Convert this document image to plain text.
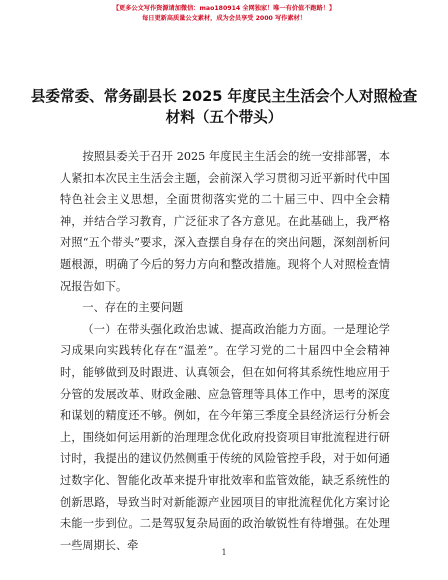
【更多公文写作资源请加微信：mao180914 全网独家！唯一有价值不跑路！】
每日更新高质量公文素材，成为会员享受 2000 写作素材！
县委常委、常务副县长 2025 年度民主生活会个人对照检查材料（五个带头）

按照县委关于召开 2025 年度民主生活会的统一安排部署，本人紧扣本次民主生活会主题，会前深入学习贯彻习近平新时代中国特色社会主义思想，全面贯彻落实党的二十届三中、四中全会精神，并结合学习教育，广泛征求了各方意见。在此基础上，我严格对照“五个带头”要求，深入查摆自身存在的突出问题，深刻剖析问题根源，明确了今后的努力方向和整改措施。现将个人对照检查情况报告如下。

一、存在的主要问题

（一）在带头强化政治忠诚、提高政治能力方面。一是理论学习成果向实践转化存在“温差”。在学习党的二十届四中全会精神时，能够做到及时跟进、认真领会，但在如何将其系统性地应用于分管的发展改革、财政金融、应急管理等具体工作中，思考的深度和谋划的精度还不够。例如，在今年第三季度全县经济运行分析会上，围绕如何运用新的治理理念优化政府投资项目审批流程进行研讨时，我提出的建议仍然侧重于传统的风险管控手段，对于如何通过数字化、智能化改革来提升审批效率和监管效能，缺乏系统性的创新思路，导致当时对新能源产业园项目的审批流程优化方案讨论未能一步到位。二是驾驭复杂局面的政治敏锐性有待增强。在处理一些周期长、牵

1
